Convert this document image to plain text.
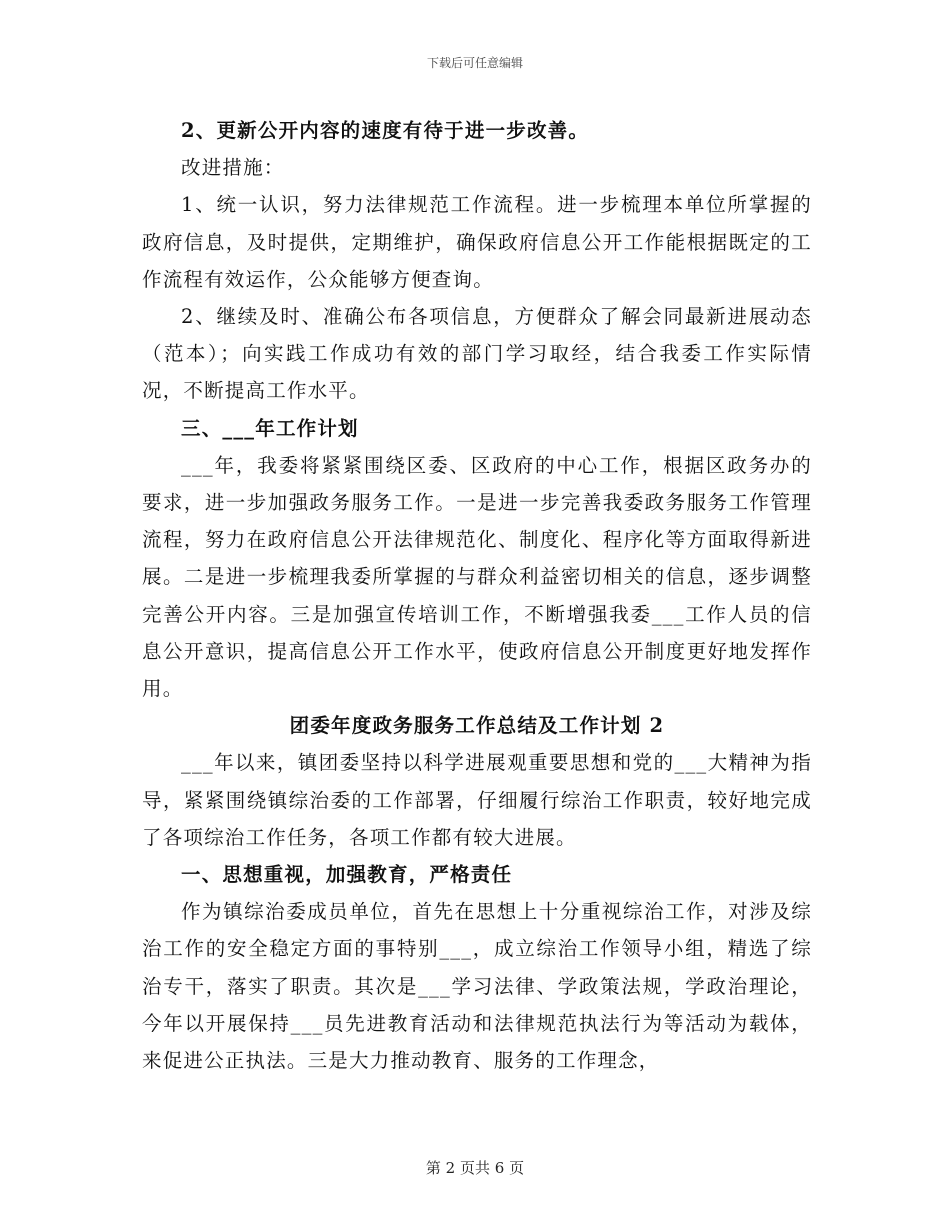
下载后可任意编辑

2、更新公开内容的速度有待于进一步改善。

改进措施：

1、统一认识，努力法律规范工作流程。进一步梳理本单位所掌握的政府信息，及时提供，定期维护，确保政府信息公开工作能根据既定的工作流程有效运作，公众能够方便查询。

2、继续及时、准确公布各项信息，方便群众了解会同最新进展动态（范本）；向实践工作成功有效的部门学习取经，结合我委工作实际情况，不断提高工作水平。

三、___年工作计划

___年，我委将紧紧围绕区委、区政府的中心工作，根据区政务办的要求，进一步加强政务服务工作。一是进一步完善我委政务服务工作管理流程，努力在政府信息公开法律规范化、制度化、程序化等方面取得新进展。二是进一步梳理我委所掌握的与群众利益密切相关的信息，逐步调整完善公开内容。三是加强宣传培训工作，不断增强我委___工作人员的信息公开意识，提高信息公开工作水平，使政府信息公开制度更好地发挥作用。

团委年度政务服务工作总结及工作计划 2

___年以来，镇团委坚持以科学进展观重要思想和党的___大精神为指导，紧紧围绕镇综治委的工作部署，仔细履行综治工作职责，较好地完成了各项综治工作任务，各项工作都有较大进展。

一、思想重视，加强教育，严格责任

作为镇综治委成员单位，首先在思想上十分重视综治工作，对涉及综治工作的安全稳定方面的事特别___，成立综治工作领导小组，精选了综治专干，落实了职责。其次是___学习法律、学政策法规，学政治理论，今年以开展保持___员先进教育活动和法律规范执法行为等活动为载体，来促进公正执法。三是大力推动教育、服务的工作理念，

第 2 页共 6 页
